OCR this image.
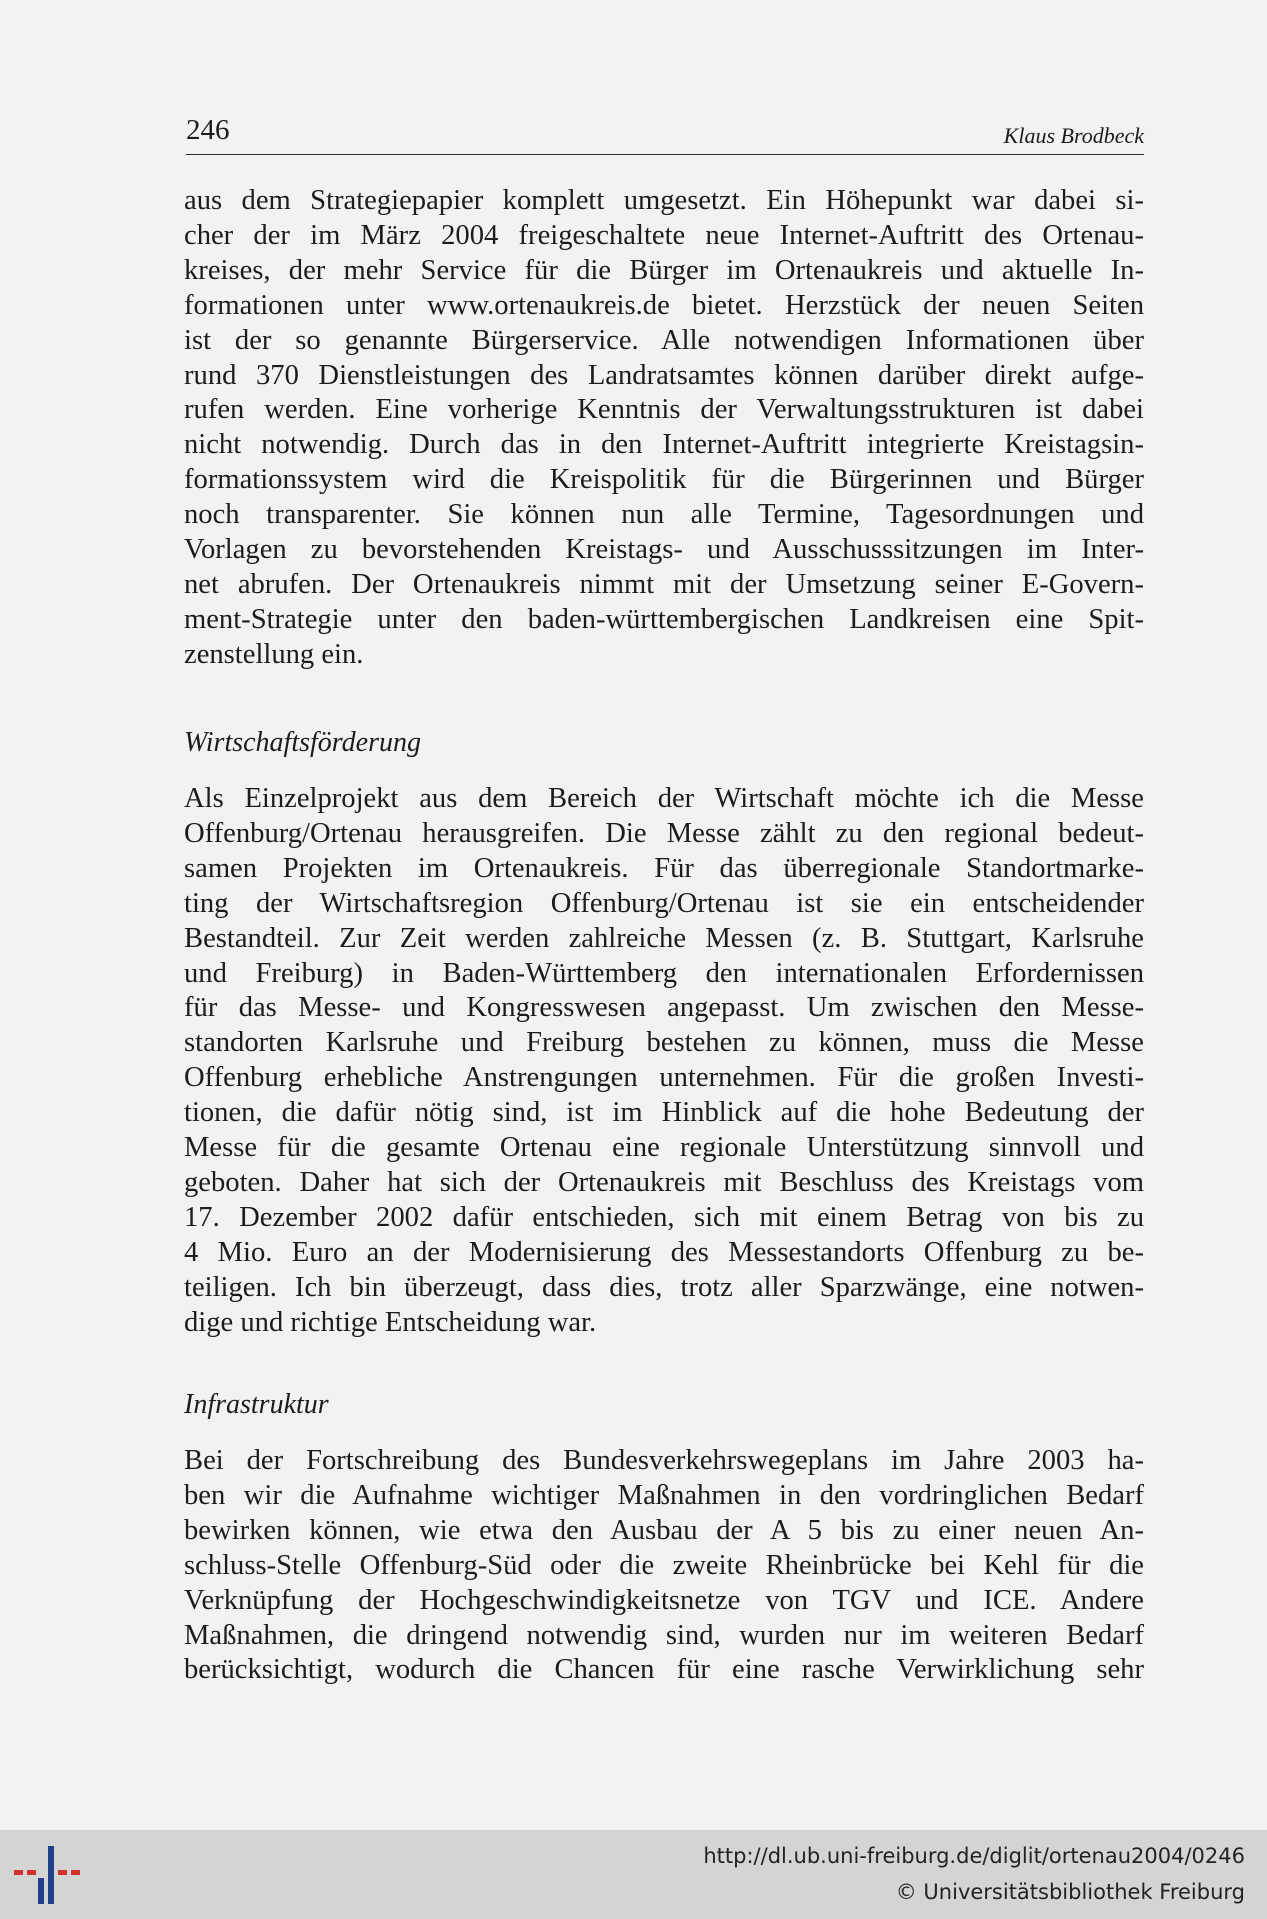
246	Klaus Brodbeck
aus dem Strategiepapier komplett umgesetzt. Ein Höhepunkt war dabei si-
cher der im März 2004 freigeschaltete neue Internet-Auftritt des Ortenau-
kreises, der mehr Service für die Bürger im Ortenaukreis und aktuelle In-
formationen unter www.ortenaukreis.de bietet. Herzstück der neuen Seiten
ist der so genannte Bürgerservice. Alle notwendigen Informationen über
rund 370 Dienstleistungen des Landratsamtes können darüber direkt aufge-
rufen werden. Eine vorherige Kenntnis der Verwaltungsstrukturen ist dabei
nicht notwendig. Durch das in den Internet-Auftritt integrierte Kreistagsin-
formationssystem wird die Kreispolitik für die Bürgerinnen und Bürger
noch transparenter. Sie können nun alle Termine, Tagesordnungen und
Vorlagen zu bevorstehenden Kreistags- und Ausschusssitzungen im Inter-
net abrufen. Der Ortenaukreis nimmt mit der Umsetzung seiner E-Govern-
ment-Strategie unter den baden-württembergischen Landkreisen eine Spit-
zenstellung ein.
Wirtschaftsförderung
Als Einzelprojekt aus dem Bereich der Wirtschaft möchte ich die Messe
Offenburg/Ortenau herausgreifen. Die Messe zählt zu den regional bedeut-
samen Projekten im Ortenaukreis. Für das überregionale Standortmarke-
ting der Wirtschaftsregion Offenburg/Ortenau ist sie ein entscheidender
Bestandteil. Zur Zeit werden zahlreiche Messen (z. B. Stuttgart, Karlsruhe
und Freiburg) in Baden-Württemberg den internationalen Erfordernissen
für das Messe- und Kongresswesen angepasst. Um zwischen den Messe-
standorten Karlsruhe und Freiburg bestehen zu können, muss die Messe
Offenburg erhebliche Anstrengungen unternehmen. Für die großen Investi-
tionen, die dafür nötig sind, ist im Hinblick auf die hohe Bedeutung der
Messe für die gesamte Ortenau eine regionale Unterstützung sinnvoll und
geboten. Daher hat sich der Ortenaukreis mit Beschluss des Kreistags vom
17. Dezember 2002 dafür entschieden, sich mit einem Betrag von bis zu
4 Mio. Euro an der Modernisierung des Messestandorts Offenburg zu be-
teiligen. Ich bin überzeugt, dass dies, trotz aller Sparzwänge, eine notwen-
dige und richtige Entscheidung war.
Infrastruktur
Bei der Fortschreibung des Bundesverkehrswegeplans im Jahre 2003 ha-
ben wir die Aufnahme wichtiger Maßnahmen in den vordringlichen Bedarf
bewirken können, wie etwa den Ausbau der A 5 bis zu einer neuen An-
schluss-Stelle Offenburg-Süd oder die zweite Rheinbrücke bei Kehl für die
Verknüpfung der Hochgeschwindigkeitsnetze von TGV und ICE. Andere
Maßnahmen, die dringend notwendig sind, wurden nur im weiteren Bedarf
berücksichtigt, wodurch die Chancen für eine rasche Verwirklichung sehr
http://dl.ub.uni-freiburg.de/diglit/ortenau2004/0246
© Universitätsbibliothek Freiburg
